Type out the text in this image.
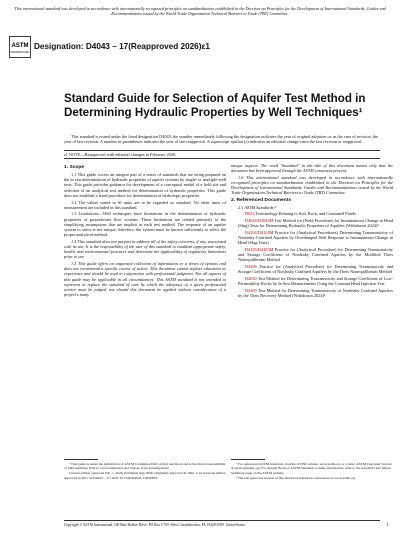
This international standard was developed in accordance with internationally recognized principles on standardization established in the Decision on Principles for the Development of International Standards, Guides and Recommendations issued by the World Trade Organization Technical Barriers to Trade (TBT) Committee.
ASTM
INTERNATIONAL
Designation: D4043 – 17(Reapproved 2026)ε1
Standard Guide for Selection of Aquifer Test Method in Determining Hydraulic Properties by Well Techniques¹

This standard is issued under the fixed designation D4043; the number immediately following the designation indicates the year of original adoption or, in the case of revision, the year of last revision. A number in parentheses indicates the year of last reapproval. A superscript epsilon (ε) indicates an editorial change since the last revision or reapproval.

ε1 NOTE—Reapproved with editorial changes in February 2026.
1. Scope

1.1 This guide covers an integral part of a series of standards that are being prepared on the in situ determination of hydraulic properties of aquifer systems by single- or multiple-well tests. This guide provides guidance for development of a conceptual model of a field site and selection of an analytical test method for determination of hydraulic properties. This guide does not establish a fixed procedure for determination of hydrologic properties.

1.2 The values stated in SI units are to be regarded as standard. No other units of measurement are included in this standard.

1.3 Limitations—Well techniques have limitations in the determination of hydraulic properties of groundwater flow systems. These limitations are related primarily to the simplifying assumptions that are implicit in each test method. The response of an aquifer system to stress is not unique; therefore, the system must be known sufficiently to select the proper analytical method.

1.4 This standard does not purport to address all of the safety concerns, if any, associated with its use. It is the responsibility of the user of this standard to establish appropriate safety, health, and environmental practices and determine the applicability of regulatory limitations prior to use.

1.5 This guide offers an organized collection of information or a series of options and does not recommend a specific course of action. This document cannot replace education or experience and should be used in conjunction with professional judgment. Not all aspects of this guide may be applicable in all circumstances. This ASTM standard is not intended to represent or replace the standard of care by which the adequacy of a given professional service must be judged, nor should this document be applied without consideration of a project's many

unique aspects. The word "Standard" in the title of this document means only that the document has been approved through the ASTM consensus process.

1.6 This international standard was developed in accordance with internationally recognized principles on standardization established in the Decision on Principles for the Development of International Standards, Guides and Recommendations issued by the World Trade Organization Technical Barriers to Trade (TBT) Committee.

2. Referenced Documents

2.1 ASTM Standards:²

D653 Terminology Relating to Soil, Rock, and Contained Fluids

D4044/D4044M Test Method for (Field Procedure) for Instantaneous Change in Head (Slug) Tests for Determining Hydraulic Properties of Aquifers (Withdrawn 2024)³

D4104/D4104M Practice for (Analytical Procedures) Determining Transmissivity of Nonleaky Confined Aquifers by Overdamped Well Response to Instantaneous Change in Head (Slug Tests)

D4105/D4105M Practice for (Analytical Procedure) for Determining Transmissivity and Storage Coefficient of Nonleaky Confined Aquifers by the Modified Theis Nonequilibrium Method

D4106 Practice for (Analytical Procedure) for Determining Transmissivity and Storage Coefficient of Nonleaky Confined Aquifers by the Theis Nonequilibrium Method

D4630 Test Method for Determining Transmissivity and Storage Coefficient of Low-Permeability Rocks by In Situ Measurements Using the Constant Head Injection Test

D5269 Test Method for Determining Transmissivity of Nonleaky Confined Aquifers by the Theis Recovery Method (Withdrawn 2024)³

¹ This guide is under the jurisdiction of ASTM Committee D18 on Soil and Rock and is the direct responsibility of Subcommittee D18.21 on Groundwater and Vadose Zone Investigations.

Current edition approved Feb. 1, 2026. Published July 2026. Originally approved in 1991. Last previous edition approved in 2017 as D4043 – 17. DOI: 10.1520/D4043-17R26E01.

² For referenced ASTM standards, visit the ASTM website, www.astm.org, or contact ASTM Customer Service at service@astm.org. For Annual Book of ASTM Standards volume information, refer to the standard's Document Summary page on the ASTM website.

³ The last approved version of this historical standard is referenced on www.astm.org.

Copyright © ASTM International, 100 Barr Harbor Drive, PO Box C700, West Conshohocken, PA 19428-2959. United States	1
